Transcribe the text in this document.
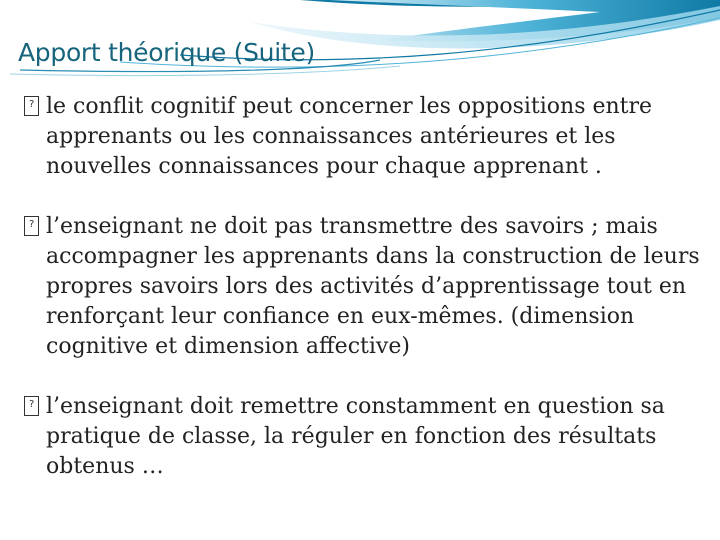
Apport théorique (Suite)
? le conflit cognitif peut concerner les oppositions entre apprenants ou les connaissances antérieures et les nouvelles connaissances pour chaque apprenant .
? l’enseignant ne doit pas transmettre des savoirs ; mais accompagner les apprenants dans la construction de leurs propres savoirs lors des activités d’apprentissage tout en renforçant leur confiance en eux-mêmes. (dimension cognitive et dimension affective)
? l’enseignant doit remettre constamment en question sa pratique de classe, la réguler en fonction des résultats obtenus …
